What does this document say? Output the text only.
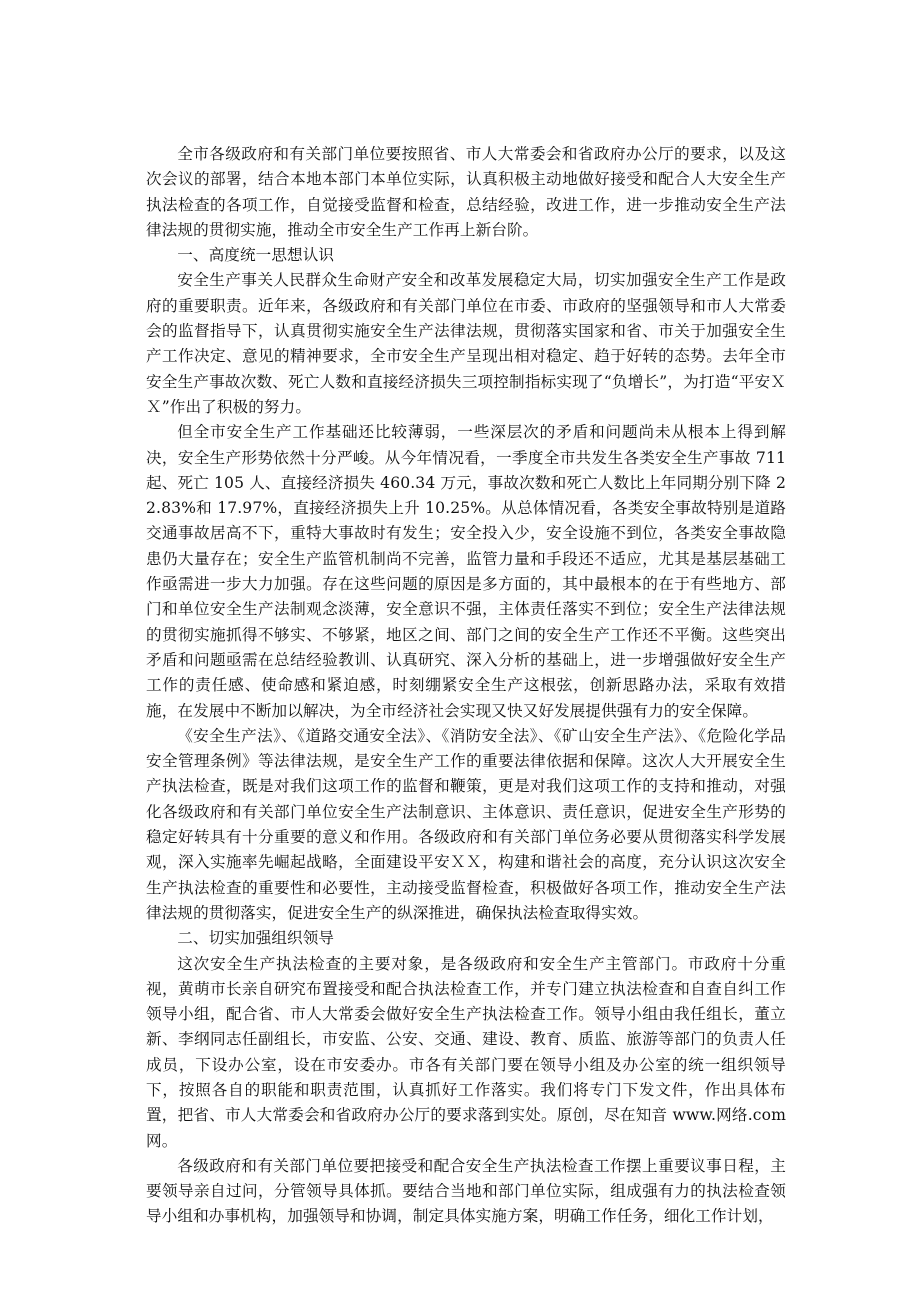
全市各级政府和有关部门单位要按照省、市人大常委会和省政府办公厅的要求，以及这次会议的部署，结合本地本部门本单位实际，认真积极主动地做好接受和配合人大安全生产执法检查的各项工作，自觉接受监督和检查，总结经验，改进工作，进一步推动安全生产法律法规的贯彻实施，推动全市安全生产工作再上新台阶。

一、高度统一思想认识

安全生产事关人民群众生命财产安全和改革发展稳定大局，切实加强安全生产工作是政府的重要职责。近年来，各级政府和有关部门单位在市委、市政府的坚强领导和市人大常委会的监督指导下，认真贯彻实施安全生产法律法规，贯彻落实国家和省、市关于加强安全生产工作决定、意见的精神要求，全市安全生产呈现出相对稳定、趋于好转的态势。去年全市安全生产事故次数、死亡人数和直接经济损失三项控制指标实现了“负增长”，为打造“平安ＸＸ”作出了积极的努力。

但全市安全生产工作基础还比较薄弱，一些深层次的矛盾和问题尚未从根本上得到解决，安全生产形势依然十分严峻。从今年情况看，一季度全市共发生各类安全生产事故 711 起、死亡 105 人、直接经济损失 460.34 万元，事故次数和死亡人数比上年同期分别下降 22.83%和 17.97%，直接经济损失上升 10.25%。从总体情况看，各类安全事故特别是道路交通事故居高不下，重特大事故时有发生；安全投入少，安全设施不到位，各类安全事故隐患仍大量存在；安全生产监管机制尚不完善，监管力量和手段还不适应，尤其是基层基础工作亟需进一步大力加强。存在这些问题的原因是多方面的，其中最根本的在于有些地方、部门和单位安全生产法制观念淡薄，安全意识不强，主体责任落实不到位；安全生产法律法规的贯彻实施抓得不够实、不够紧，地区之间、部门之间的安全生产工作还不平衡。这些突出矛盾和问题亟需在总结经验教训、认真研究、深入分析的基础上，进一步增强做好安全生产工作的责任感、使命感和紧迫感，时刻绷紧安全生产这根弦，创新思路办法，采取有效措施，在发展中不断加以解决，为全市经济社会实现又快又好发展提供强有力的安全保障。

《安全生产法》、《道路交通安全法》、《消防安全法》、《矿山安全生产法》、《危险化学品安全管理条例》等法律法规，是安全生产工作的重要法律依据和保障。这次人大开展安全生产执法检查，既是对我们这项工作的监督和鞭策，更是对我们这项工作的支持和推动，对强化各级政府和有关部门单位安全生产法制意识、主体意识、责任意识，促进安全生产形势的稳定好转具有十分重要的意义和作用。各级政府和有关部门单位务必要从贯彻落实科学发展观，深入实施率先崛起战略，全面建设平安ＸＸ，构建和谐社会的高度，充分认识这次安全生产执法检查的重要性和必要性，主动接受监督检查，积极做好各项工作，推动安全生产法律法规的贯彻落实，促进安全生产的纵深推进，确保执法检查取得实效。

二、切实加强组织领导

这次安全生产执法检查的主要对象，是各级政府和安全生产主管部门。市政府十分重视，黄萌市长亲自研究布置接受和配合执法检查工作，并专门建立执法检查和自查自纠工作领导小组，配合省、市人大常委会做好安全生产执法检查工作。领导小组由我任组长，董立新、李纲同志任副组长，市安监、公安、交通、建设、教育、质监、旅游等部门的负责人任成员，下设办公室，设在市安委办。市各有关部门要在领导小组及办公室的统一组织领导下，按照各自的职能和职责范围，认真抓好工作落实。我们将专门下发文件，作出具体布置，把省、市人大常委会和省政府办公厅的要求落到实处。原创，尽在知音 www.网络.com 网。

各级政府和有关部门单位要把接受和配合安全生产执法检查工作摆上重要议事日程，主要领导亲自过问，分管领导具体抓。要结合当地和部门单位实际，组成强有力的执法检查领导小组和办事机构，加强领导和协调，制定具体实施方案，明确工作任务，细化工作计划，
